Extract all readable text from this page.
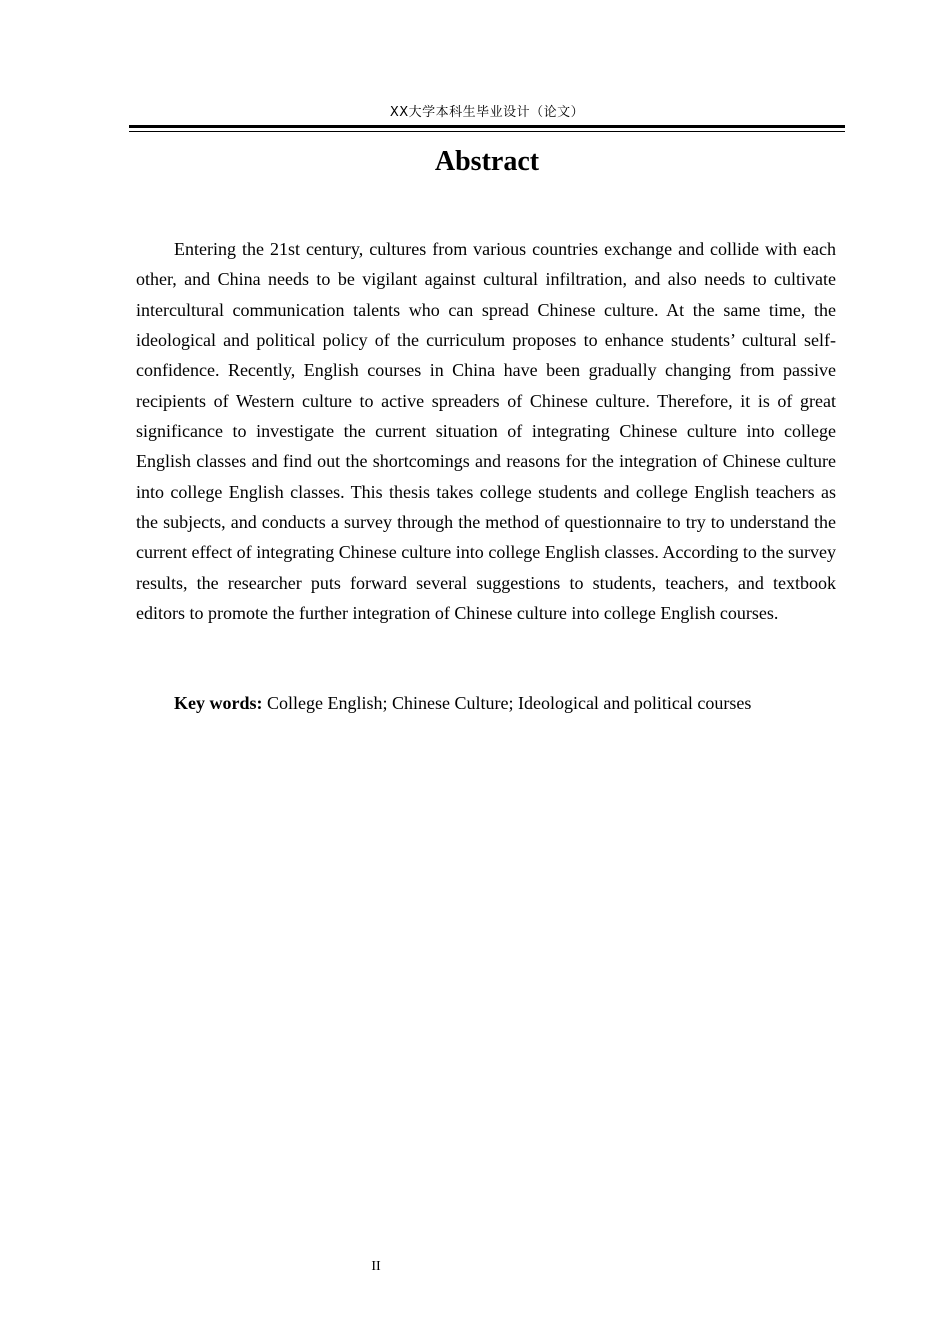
XX大学本科生毕业设计（论文）
Abstract

Entering the 21st century, cultures from various countries exchange and collide with each other, and China needs to be vigilant against cultural infiltration, and also needs to cultivate intercultural communication talents who can spread Chinese culture. At the same time, the ideological and political policy of the curriculum proposes to enhance students’ cultural self-confidence. Recently, English courses in China have been gradually changing from passive recipients of Western culture to active spreaders of Chinese culture. Therefore, it is of great significance to investigate the current situation of integrating Chinese culture into college English classes and find out the shortcomings and reasons for the integration of Chinese culture into college English classes. This thesis takes college students and college English teachers as the subjects, and conducts a survey through the method of questionnaire to try to understand the current effect of integrating Chinese culture into college English classes. According to the survey results, the researcher puts forward several suggestions to students, teachers, and textbook editors to promote the further integration of Chinese culture into college English courses.

Key words: College English; Chinese Culture; Ideological and political courses

II
